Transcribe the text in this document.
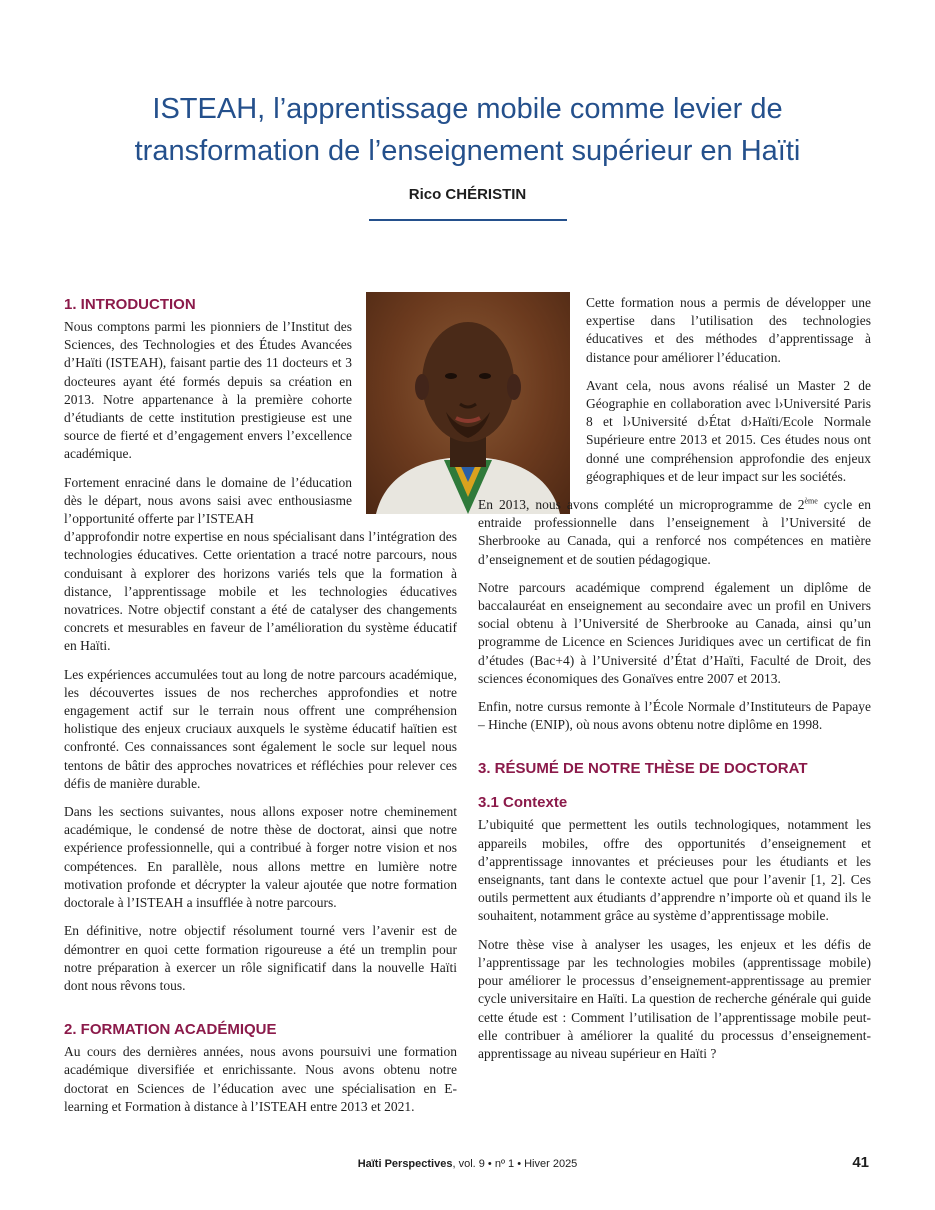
ISTEAH, l’apprentissage mobile comme levier de
transformation de l’enseignement supérieur en Haïti

Rico CHÉRISTIN

1. INTRODUCTION

Nous comptons parmi les pionniers de l’Institut des Sciences, des Technologies et des Études Avancées d’Haïti (ISTEAH), faisant partie des 11 docteurs et 3 docteures ayant été formés depuis sa création en 2013. Notre appartenance à la première cohorte d’étudiants de cette institution prestigieuse est une source de fierté et d’engagement envers l’excellence académique.

Fortement enraciné dans le domaine de l’éducation dès le départ, nous avons saisi avec enthousiasme l’opportunité offerte par l’ISTEAH

d’approfondir notre expertise en nous spécialisant dans l’intégration des technologies éducatives. Cette orientation a tracé notre parcours, nous conduisant à explorer des horizons variés tels que la formation à distance, l’apprentissage mobile et les technologies éducatives novatrices. Notre objectif constant a été de catalyser des changements concrets et mesurables en faveur de l’amélioration du système éducatif en Haïti.

Les expériences accumulées tout au long de notre parcours académique, les découvertes issues de nos recherches approfondies et notre engagement actif sur le terrain nous offrent une compréhension holistique des enjeux cruciaux auxquels le système éducatif haïtien est confronté. Ces connaissances sont également le socle sur lequel nous tentons de bâtir des approches novatrices et réfléchies pour relever ces défis de manière durable.

Dans les sections suivantes, nous allons exposer notre cheminement académique, le condensé de notre thèse de doctorat, ainsi que notre expérience professionnelle, qui a contribué à forger notre vision et nos compétences. En parallèle, nous allons mettre en lumière notre motivation profonde et décrypter la valeur ajoutée que notre formation doctorale à l’ISTEAH a insufflée à notre parcours.

En définitive, notre objectif résolument tourné vers l’avenir est de démontrer en quoi cette formation rigoureuse a été un tremplin pour notre préparation à exercer un rôle significatif dans la nouvelle Haïti dont nous rêvons tous.

2. FORMATION ACADÉMIQUE

Au cours des dernières années, nous avons poursuivi une formation académique diversifiée et enrichissante. Nous avons obtenu notre doctorat en Sciences de l’éducation avec une spécialisation en E-learning et Formation à distance à l’ISTEAH entre 2013 et 2021.

Cette formation nous a permis de développer une expertise dans l’utilisation des technologies éducatives et des méthodes d’apprentissage à distance pour améliorer l’éducation.

Avant cela, nous avons réalisé un Master 2 de Géographie en collaboration avec l›Université Paris 8 et l›Université d›État d›Haïti/Ecole Normale Supérieure entre 2013 et 2015. Ces études nous ont donné une compréhension approfondie des enjeux géographiques et de leur impact sur les sociétés.

En 2013, nous avons complété un microprogramme de 2ème cycle en entraide professionnelle dans l’enseignement à l’Université de Sherbrooke au Canada, qui a renforcé nos compétences en matière d’enseignement et de soutien pédagogique.

Notre parcours académique comprend également un diplôme de baccalauréat en enseignement au secondaire avec un profil en Univers social obtenu à l’Université de Sherbrooke au Canada, ainsi qu’un programme de Licence en Sciences Juridiques avec un certificat de fin d’études (Bac+4) à l’Université d’État d’Haïti, Faculté de Droit, des sciences économiques des Gonaïves entre 2007 et 2013.

Enfin, notre cursus remonte à l’École Normale d’Instituteurs de Papaye – Hinche (ENIP), où nous avons obtenu notre diplôme en 1998.

3. RÉSUMÉ DE NOTRE THÈSE DE DOCTORAT
3.1 Contexte

L’ubiquité que permettent les outils technologiques, notamment les appareils mobiles, offre des opportunités d’enseignement et d’apprentissage innovantes et précieuses pour les étudiants et les enseignants, tant dans le contexte actuel que pour l’avenir [1, 2]. Ces outils permettent aux étudiants d’apprendre n’importe où et quand ils le souhaitent, notamment grâce au système d’apprentissage mobile.

Notre thèse vise à analyser les usages, les enjeux et les défis de l’apprentissage par les technologies mobiles (apprentissage mobile) pour améliorer le processus d’enseignement-apprentissage au premier cycle universitaire en Haïti. La question de recherche générale qui guide cette étude est : Comment l’utilisation de l’apprentissage mobile peut-elle contribuer à améliorer la qualité du processus d’enseignement-apprentissage au niveau supérieur en Haïti ?

Haïti Perspectives, vol. 9 • nº 1 • Hiver 2025	41
